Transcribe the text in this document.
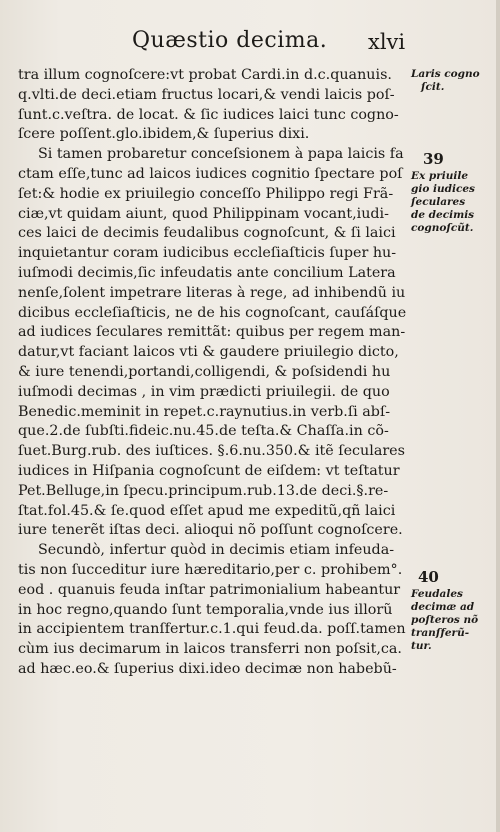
Quæstio decima. xlvi
tra illum cognoſcere:vt probat Cardi.in d.c.quanuis.
q.vlti.de deci.etiam fructus locari,& vendi laicis poſ-
ſunt.c.veſtra. de locat. & ſic iudices laici tunc cogno-
ſcere poſſent.glo.ibidem,& ſuperius dixi.
Si tamen probaretur conceſsionem à papa laicis fa
ctam eſſe,tunc ad laicos iudices cognitio ſpectare poſ
ſet:& hodie ex priuilegio conceſſo Philippo regi Frã-
ciæ,vt quidam aiunt, quod Philippinam vocant,iudi-
ces laici de decimis feudalibus cognoſcunt, & ſi laici
inquietantur coram iudicibus eccleſiaſticis ſuper hu-
iuſmodi decimis,ſic infeudatis ante concilium Latera
nenſe,ſolent impetrare literas à rege, ad inhibendũ iu
dicibus eccleſiaſticis, ne de his cognoſcant, cauſáſque
ad iudices ſeculares remittãt: quibus per regem man-
datur,vt faciant laicos vti & gaudere priuilegio dicto,
& iure tenendi,portandi,colligendi, & poſsidendi hu
iuſmodi decimas , in vim prædicti priuilegii. de quo
Benedic.meminit in repet.c.raynutius.in verb.ſi abſ-
que.2.de ſubſti.fideic.nu.45.de teſta.& Chaſſa.in cõ-
ſuet.Burg.rub. des iuſtices. §.6.nu.350.& itẽ ſeculares
iudices in Hiſpania cognoſcunt de eiſdem: vt teſtatur
Pet.Belluge,in ſpecu.principum.rub.13.de deci.§.re-
ſtat.fol.45.& ſe.quod eſſet apud me expeditũ,qñ laici
iure tenerẽt iſtas deci. alioqui nõ poſſunt cognoſcere.
Secundò, infertur quòd in decimis etiam infeuda-
tis non ſucceditur iure hæreditario,per c. prohibem°.
eod . quanuis feuda inſtar patrimonialium habeantur
in hoc regno,quando ſunt temporalia,vnde ius illorũ
in accipientem tranſfertur.c.1.qui feud.da. poſſ.tamen
cùm ius decimarum in laicos transferri non poſsit,ca.
ad hæc.eo.& ſuperius dixi.ideo decimæ non habebũ-
Laris cogno
ſcit.
39
Ex priuile
gio iudices
ſeculares
de decimis
cognoſcũt.
40
Feudales
decimæ ad
poſteros nõ
tranſferũ-
tur.
